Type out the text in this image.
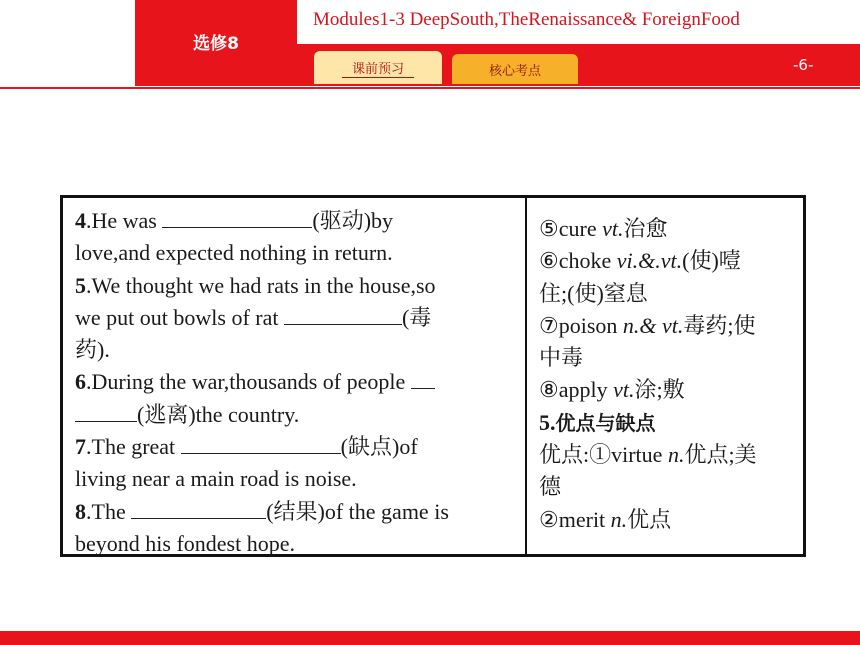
选修8
Modules1-3 DeepSouth,TheRenaissance& ForeignFood
课前预习	核心考点	-6-
4.He was	(驱动)by
love,and expected nothing in return.
5.We thought we had rats in the house,so
we put out bowls of rat	(毒
药).
6.During the war,thousands of people
(逃离)the country.
7.The great	(缺点)of
living near a main road is noise.
8.The	(结果)of the game is
beyond his fondest hope.
⑤cure vt.治愈
⑥choke vi.&.vt.(使)噎
住;(使)窒息
⑦poison n.& vt.毒药;使
中毒
⑧apply vt.涂;敷
5.优点与缺点
优点:①virtue n.优点;美
德
②merit n.优点
